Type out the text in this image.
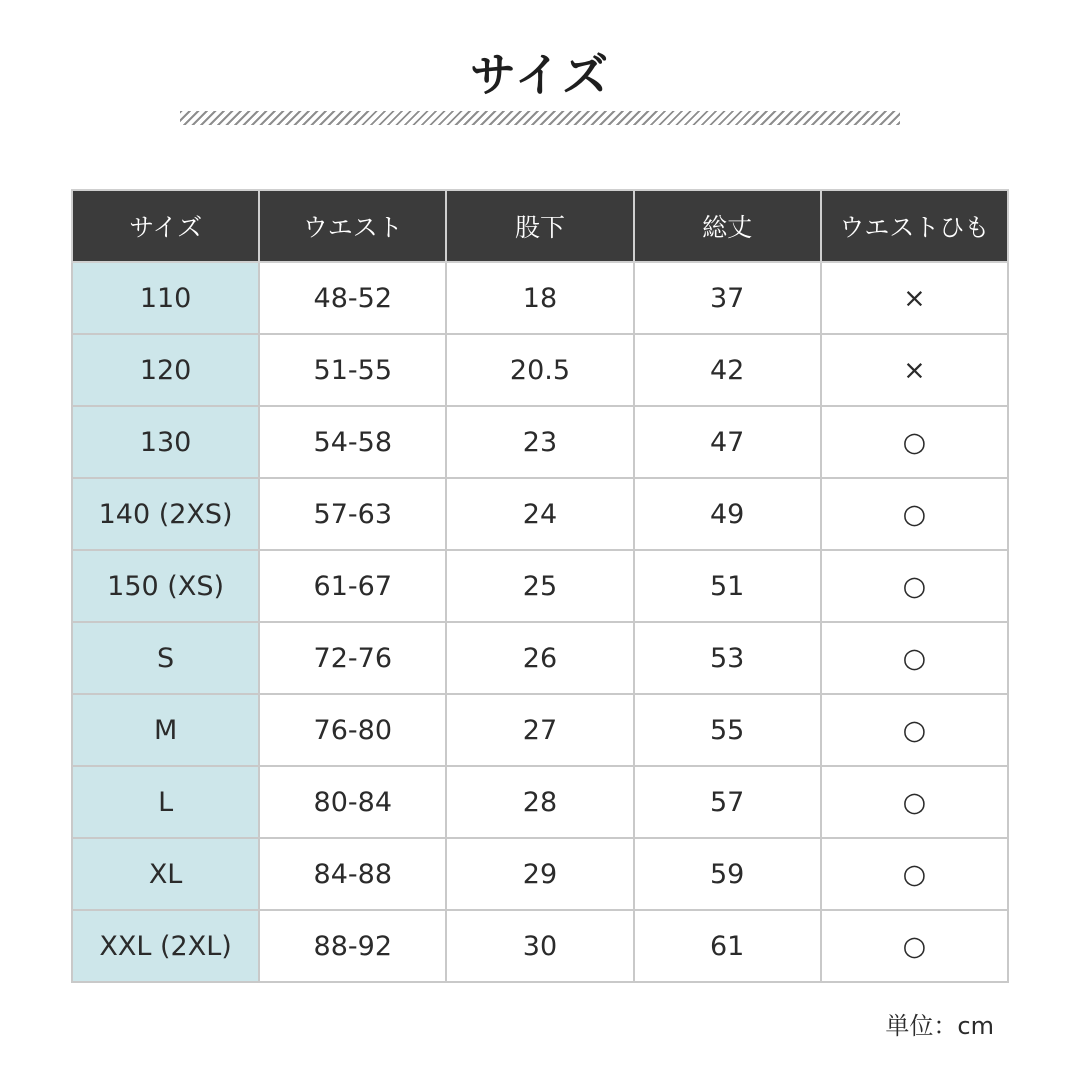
サイズ
サイズ	ウエスト	股下	総丈	ウエストひも
110	48-52	18	37	×
120	51-55	20.5	42	×
130	54-58	23	47	○
140 (2XS)	57-63	24	49	○
150 (XS)	61-67	25	51	○
S	72-76	26	53	○
M	76-80	27	55	○
L	80-84	28	57	○
XL	84-88	29	59	○
XXL (2XL)	88-92	30	61	○
単位：cm
